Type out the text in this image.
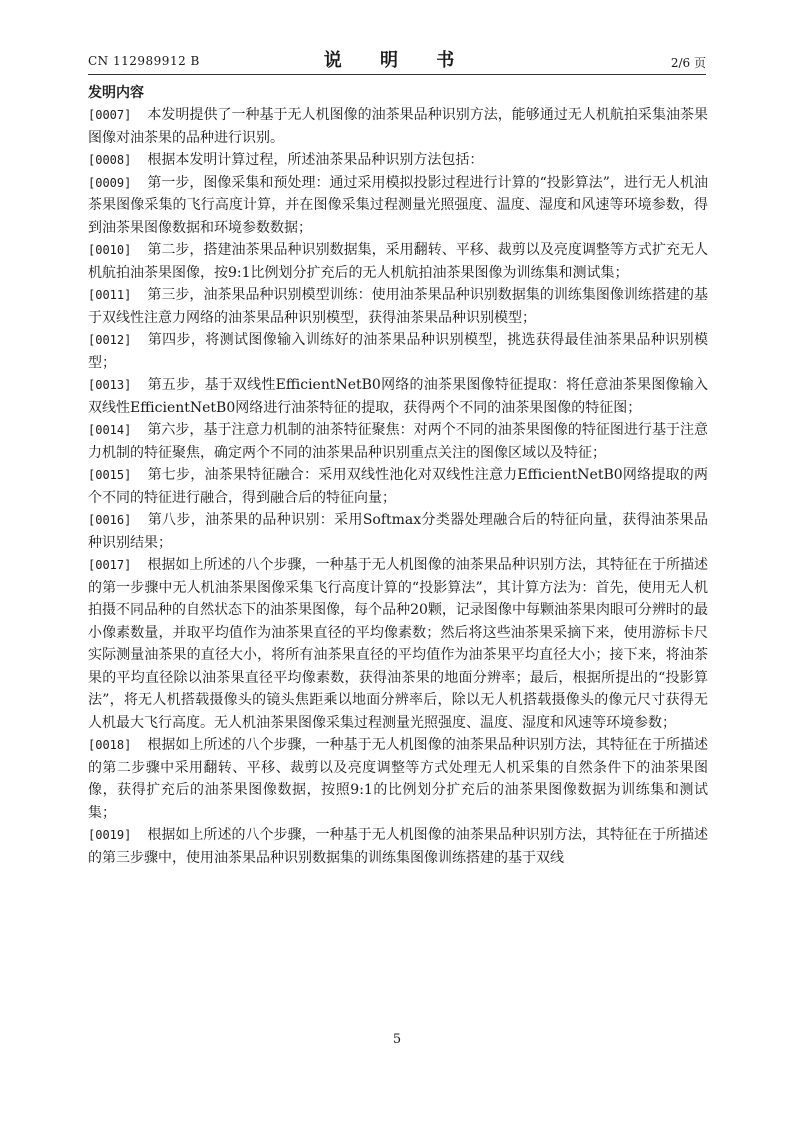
CN 112989912 B	说 明 书	2/6 页

发明内容

[0007] 本发明提供了一种基于无人机图像的油茶果品种识别方法，能够通过无人机航拍采集油茶果图像对油茶果的品种进行识别。

[0008] 根据本发明计算过程，所述油茶果品种识别方法包括：

[0009] 第一步，图像采集和预处理：通过采用模拟投影过程进行计算的“投影算法”，进行无人机油茶果图像采集的飞行高度计算，并在图像采集过程测量光照强度、温度、湿度和风速等环境参数，得到油茶果图像数据和环境参数数据；

[0010] 第二步，搭建油茶果品种识别数据集，采用翻转、平移、裁剪以及亮度调整等方式扩充无人机航拍油茶果图像，按9:1比例划分扩充后的无人机航拍油茶果图像为训练集和测试集；

[0011] 第三步，油茶果品种识别模型训练：使用油茶果品种识别数据集的训练集图像训练搭建的基于双线性注意力网络的油茶果品种识别模型，获得油茶果品种识别模型；

[0012] 第四步，将测试图像输入训练好的油茶果品种识别模型，挑选获得最佳油茶果品种识别模型；

[0013] 第五步，基于双线性EfficientNetB0网络的油茶果图像特征提取：将任意油茶果图像输入双线性EfficientNetB0网络进行油茶特征的提取，获得两个不同的油茶果图像的特征图；

[0014] 第六步，基于注意力机制的油茶特征聚焦：对两个不同的油茶果图像的特征图进行基于注意力机制的特征聚焦，确定两个不同的油茶果品种识别重点关注的图像区域以及特征；

[0015] 第七步，油茶果特征融合：采用双线性池化对双线性注意力EfficientNetB0网络提取的两个不同的特征进行融合，得到融合后的特征向量；

[0016] 第八步，油茶果的品种识别：采用Softmax分类器处理融合后的特征向量，获得油茶果品种识别结果；

[0017] 根据如上所述的八个步骤，一种基于无人机图像的油茶果品种识别方法，其特征在于所描述的第一步骤中无人机油茶果图像采集飞行高度计算的“投影算法”，其计算方法为：首先，使用无人机拍摄不同品种的自然状态下的油茶果图像，每个品种20颗，记录图像中每颗油茶果肉眼可分辨时的最小像素数量，并取平均值作为油茶果直径的平均像素数；然后将这些油茶果采摘下来，使用游标卡尺实际测量油茶果的直径大小，将所有油茶果直径的平均值作为油茶果平均直径大小；接下来，将油茶果的平均直径除以油茶果直径平均像素数，获得油茶果的地面分辨率；最后，根据所提出的“投影算法”，将无人机搭载摄像头的镜头焦距乘以地面分辨率后，除以无人机搭载摄像头的像元尺寸获得无人机最大飞行高度。无人机油茶果图像采集过程测量光照强度、温度、湿度和风速等环境参数；

[0018] 根据如上所述的八个步骤，一种基于无人机图像的油茶果品种识别方法，其特征在于所描述的第二步骤中采用翻转、平移、裁剪以及亮度调整等方式处理无人机采集的自然条件下的油茶果图像，获得扩充后的油茶果图像数据，按照9:1的比例划分扩充后的油茶果图像数据为训练集和测试集；

[0019] 根据如上所述的八个步骤，一种基于无人机图像的油茶果品种识别方法，其特征在于所描述的第三步骤中，使用油茶果品种识别数据集的训练集图像训练搭建的基于双线

5
